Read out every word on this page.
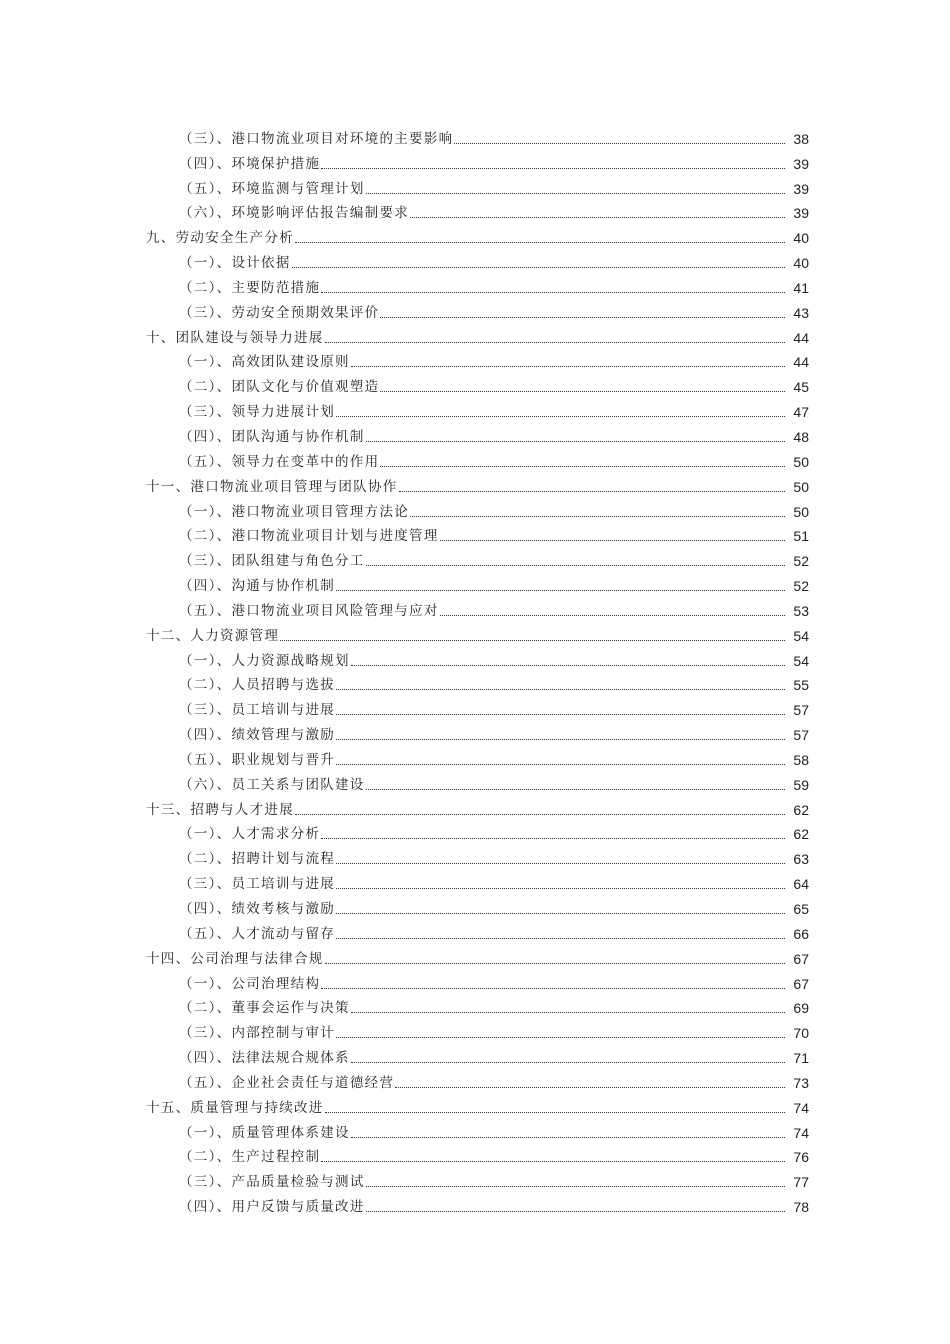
（三）、港口物流业项目对环境的主要影响	38
（四）、环境保护措施	39
（五）、环境监测与管理计划	39
（六）、环境影响评估报告编制要求	39
九、劳动安全生产分析	40
（一）、设计依据	40
（二）、主要防范措施	41
（三）、劳动安全预期效果评价	43
十、团队建设与领导力进展	44
（一）、高效团队建设原则	44
（二）、团队文化与价值观塑造	45
（三）、领导力进展计划	47
（四）、团队沟通与协作机制	48
（五）、领导力在变革中的作用	50
十一、港口物流业项目管理与团队协作	50
（一）、港口物流业项目管理方法论	50
（二）、港口物流业项目计划与进度管理	51
（三）、团队组建与角色分工	52
（四）、沟通与协作机制	52
（五）、港口物流业项目风险管理与应对	53
十二、人力资源管理	54
（一）、人力资源战略规划	54
（二）、人员招聘与选拔	55
（三）、员工培训与进展	57
（四）、绩效管理与激励	57
（五）、职业规划与晋升	58
（六）、员工关系与团队建设	59
十三、招聘与人才进展	62
（一）、人才需求分析	62
（二）、招聘计划与流程	63
（三）、员工培训与进展	64
（四）、绩效考核与激励	65
（五）、人才流动与留存	66
十四、公司治理与法律合规	67
（一）、公司治理结构	67
（二）、董事会运作与决策	69
（三）、内部控制与审计	70
（四）、法律法规合规体系	71
（五）、企业社会责任与道德经营	73
十五、质量管理与持续改进	74
（一）、质量管理体系建设	74
（二）、生产过程控制	76
（三）、产品质量检验与测试	77
（四）、用户反馈与质量改进	78
